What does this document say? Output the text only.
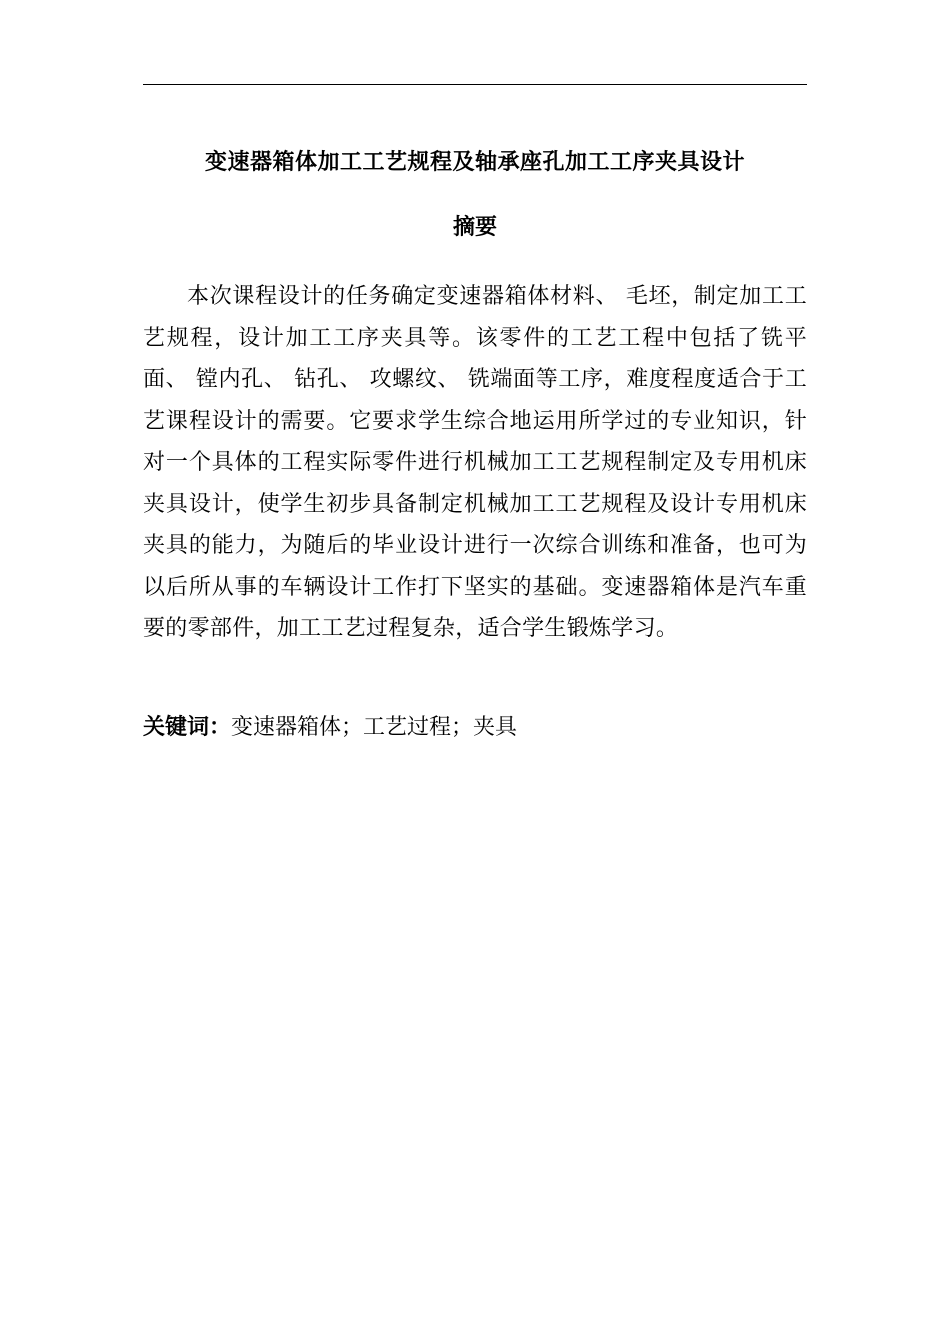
变速器箱体加工工艺规程及轴承座孔加工工序夹具设计
摘要

本次课程设计的任务确定变速器箱体材料、 毛坯，制定加工工艺规程，设计加工工序夹具等。该零件的工艺工程中包括了铣平面、 镗内孔、 钻孔、 攻螺纹、 铣端面等工序，难度程度适合于工艺课程设计的需要。它要求学生综合地运用所学过的专业知识，针对一个具体的工程实际零件进行机械加工工艺规程制定及专用机床夹具设计，使学生初步具备制定机械加工工艺规程及设计专用机床夹具的能力，为随后的毕业设计进行一次综合训练和准备，也可为以后所从事的车辆设计工作打下坚实的基础。变速器箱体是汽车重要的零部件，加工工艺过程复杂，适合学生锻炼学习。

关键词：变速器箱体；工艺过程；夹具
